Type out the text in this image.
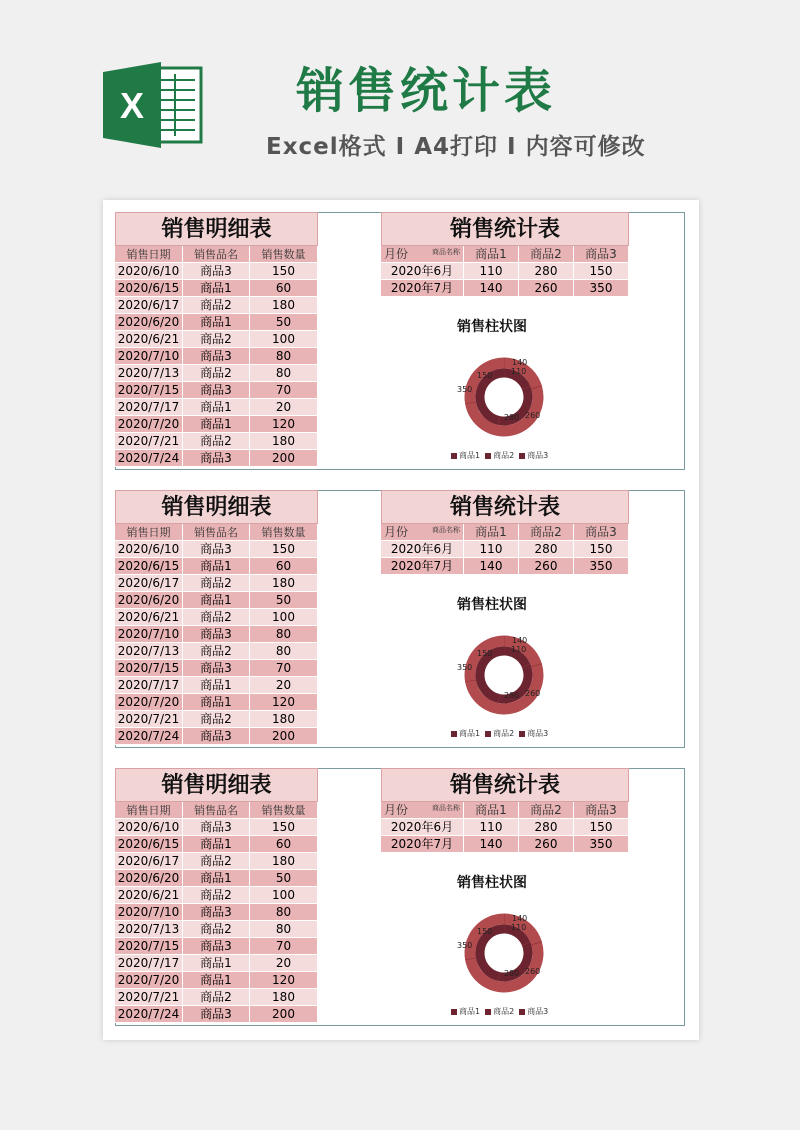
X	销售统计表
Excel格式 I A4打印 I 内容可修改
销售明细表
销售日期	销售品名	销售数量
2020/6/10	商品3	150
2020/6/15	商品1	60
2020/6/17	商品2	180
2020/6/20	商品1	50
2020/6/21	商品2	100
2020/7/10	商品3	80
2020/7/13	商品2	80
2020/7/15	商品3	70
2020/7/17	商品1	20
2020/7/20	商品1	120
2020/7/21	商品2	180
2020/7/24	商品3	200
销售统计表
月份	商品名称	商品1	商品2	商品3
2020年6月	110	280	150
2020年7月	140	260	350
销售柱状图
140
110
150
350
280 260
商品1	商品2	商品3
销售明细表
销售日期	销售品名	销售数量
2020/6/10	商品3	150
2020/6/15	商品1	60
2020/6/17	商品2	180
2020/6/20	商品1	50
2020/6/21	商品2	100
2020/7/10	商品3	80
2020/7/13	商品2	80
2020/7/15	商品3	70
2020/7/17	商品1	20
2020/7/20	商品1	120
2020/7/21	商品2	180
2020/7/24	商品3	200
销售统计表
月份	商品名称	商品1	商品2	商品3
2020年6月	110	280	150
2020年7月	140	260	350
销售柱状图
140
110
150
350
280 260
商品1	商品2	商品3
销售明细表
销售日期	销售品名	销售数量
2020/6/10	商品3	150
2020/6/15	商品1	60
2020/6/17	商品2	180
2020/6/20	商品1	50
2020/6/21	商品2	100
2020/7/10	商品3	80
2020/7/13	商品2	80
2020/7/15	商品3	70
2020/7/17	商品1	20
2020/7/20	商品1	120
2020/7/21	商品2	180
2020/7/24	商品3	200
销售统计表
月份	商品名称	商品1	商品2	商品3
2020年6月	110	280	150
2020年7月	140	260	350
销售柱状图
140
110
150
350
280 260
商品1	商品2	商品3
